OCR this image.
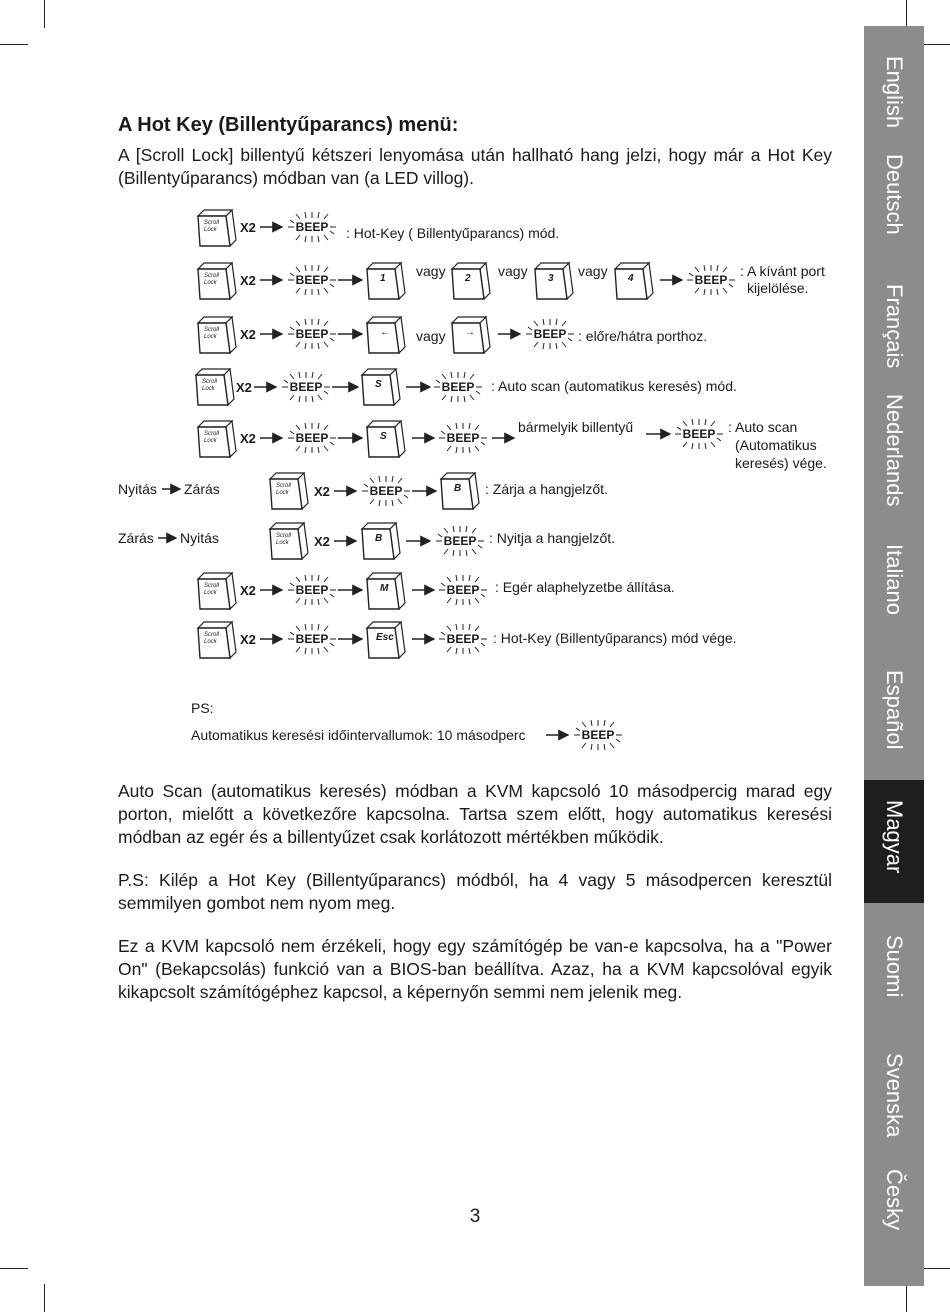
English
Deutsch
Français
Nederlands
Italiano
Español
Magyar
Suomi
Svenska
Česky
A Hot Key (Billentyűparancs) menü:

A [Scroll Lock] billentyű kétszeri lenyomása után hallható hang jelzi, hogy már a Hot Key (Billentyűparancs) módban van (a LED villog).

Scroll
Lock X2	BEEP : Hot-Key ( Billentyűparancs) mód.
Scroll
Lock X2	BEEP	1 vagy 2 vagy 3 vagy 4	BEEP
: A kívánt port
kijelölése.
Scroll
Lock X2	BEEP	← vagy →	BEEP : előre/hátra porthoz.
Scroll
Lock X2	BEEP	S	BEEP : Auto scan (automatikus keresés) mód.
Scroll
Lock X2	BEEP	S	BEEP
bármelyik billentyű	BEEP : Auto scan
(Automatikus
keresés) vége.
Nyitás Zárás	Scroll
Lock X2	BEEP	B : Zárja a hangjelzőt.
Zárás Nyitás	Scroll
Lock X2	B	BEEP : Nyitja a hangjelzőt.
Scroll
Lock X2	BEEP	M	BEEP : Egér alaphelyzetbe állítása.
Scroll
Lock X2	BEEP	Esc	BEEP : Hot-Key (Billentyűparancs) mód vége.
PS:
Automatikus keresési időintervallumok: 10 másodperc	BEEP

Auto Scan (automatikus keresés) módban a KVM kapcsoló 10 másodpercig marad egy porton, mielőtt a következőre kapcsolna. Tartsa szem előtt, hogy automatikus keresési módban az egér és a billentyűzet csak korlátozott mértékben működik.

P.S: Kilép a Hot Key (Billentyűparancs) módból, ha 4 vagy 5 másodpercen keresztül semmilyen gombot nem nyom meg.

Ez a KVM kapcsoló nem érzékeli, hogy egy számítógép be van-e kapcsolva, ha a "Power On" (Bekapcsolás) funkció van a BIOS-ban beállítva. Azaz, ha a KVM kapcsolóval egyik kikapcsolt számítógéphez kapcsol, a képernyőn semmi nem jelenik meg.

3
